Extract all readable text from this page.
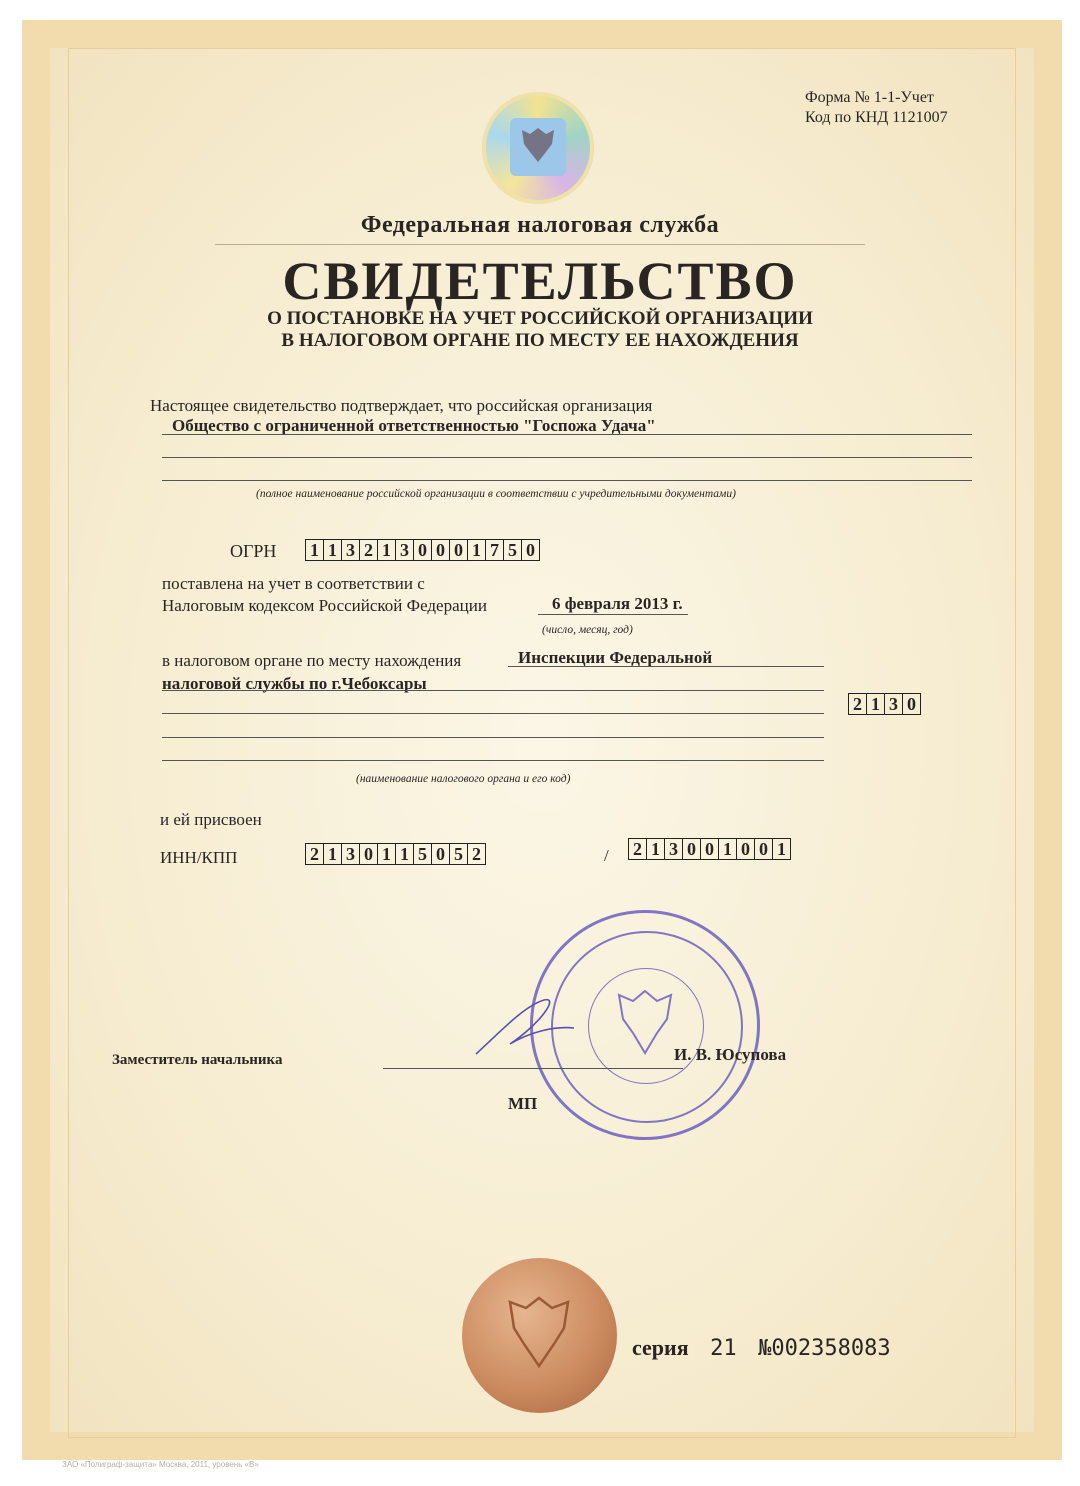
Форма № 1-1-Учет
Код по КНД 1121007
Федеральная налоговая служба
СВИДЕТЕЛЬСТВО
О ПОСТАНОВКЕ НА УЧЕТ РОССИЙСКОЙ ОРГАНИЗАЦИИ
В НАЛОГОВОМ ОРГАНЕ ПО МЕСТУ ЕЕ НАХОЖДЕНИЯ
Настоящее свидетельство подтверждает, что российская организация
Общество с ограниченной ответственностью "Госпожа Удача"
(полное наименование российской организации в соответствии с учредительными документами)
ОГРН 1 1 3 2 1 3 0 0 0 1 7 5 0
поставлена на учет в соответствии с
Налоговым кодексом Российской Федерации	6 февраля 2013 г.
(число, месяц, год)
в налоговом органе по месту нахождения	Инспекции Федеральной
налоговой службы по г.Чебоксары
2 1 3 0
(наименование налогового органа и его код)
и ей присвоен
ИНН/КПП	2 1 3 0 1 1 5 0 5 2	/ 2 1 3 0 0 1 0 0 1
Заместитель начальника	И. В. Юсупова
МП
серия 21 №002358083
ЗАО «Полиграф-защита» Москва, 2011, уровень «В»
